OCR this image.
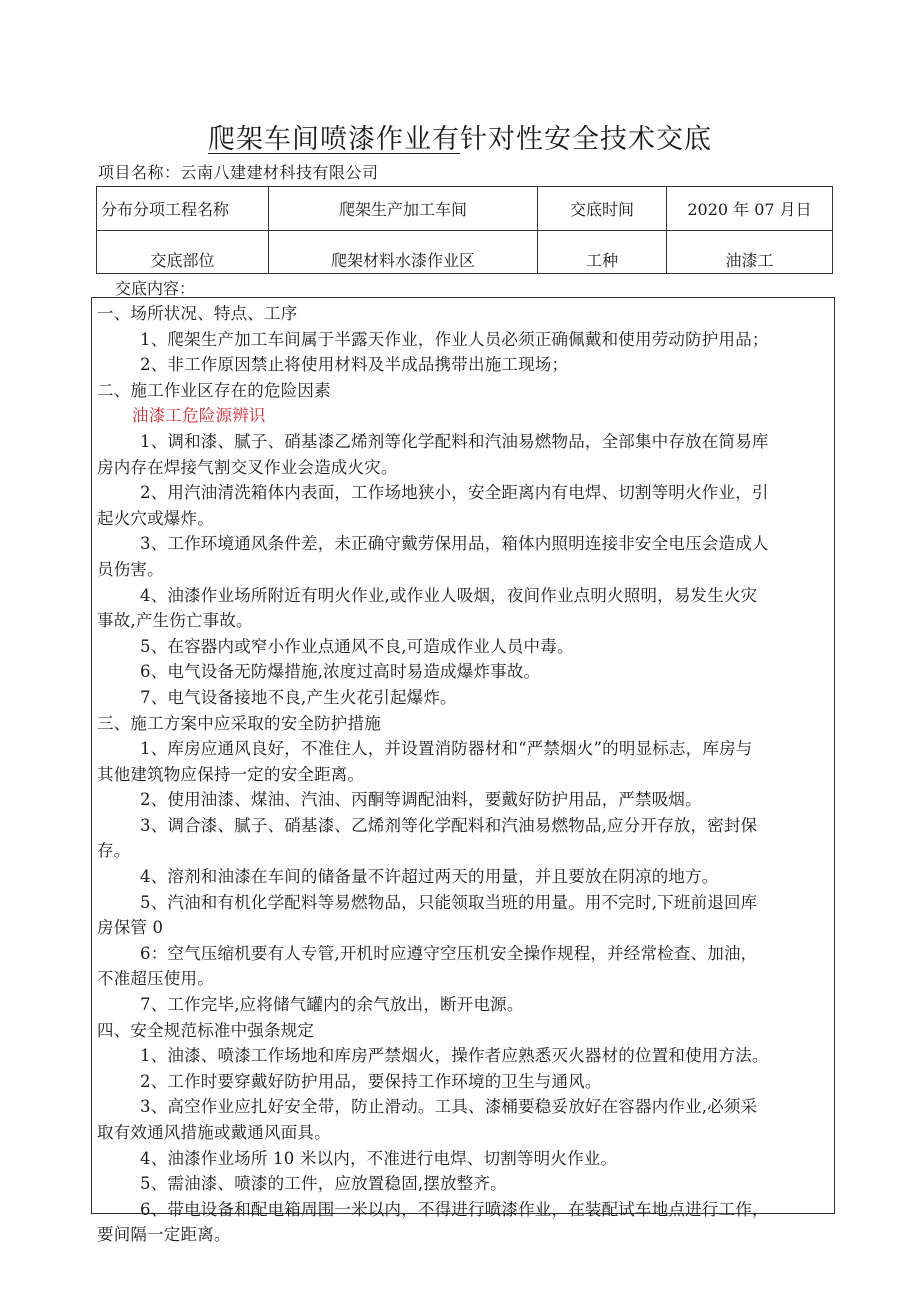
爬架车间喷漆作业有针对性安全技术交底
项目名称：云南八建建材科技有限公司
分布分项工程名称	爬架生产加工车间	交底时间	2020 年 07 月日
交底部位	爬架材料水漆作业区	工种	油漆工
交底内容：
一、场所状况、特点、工序
1、爬架生产加工车间属于半露天作业，作业人员必须正确佩戴和使用劳动防护用品；
2、非工作原因禁止将使用材料及半成品携带出施工现场；
二、施工作业区存在的危险因素
油漆工危险源辨识
1、调和漆、腻子、硝基漆乙烯剂等化学配料和汽油易燃物品，全部集中存放在简易库
房内存在焊接气割交叉作业会造成火灾。
2、用汽油清洗箱体内表面，工作场地狭小，安全距离内有电焊、切割等明火作业，引
起火穴或爆炸。
3、工作环境通风条件差，未正确守戴劳保用品，箱体内照明连接非安全电压会造成人
员伤害。
4、油漆作业场所附近有明火作业,或作业人吸烟，夜间作业点明火照明，易发生火灾
事故,产生伤亡事故。
5、在容器内或窄小作业点通风不良,可造成作业人员中毒。
6、电气设备无防爆措施,浓度过高时易造成爆炸事故。
7、电气设备接地不良,产生火花引起爆炸。
三、施工方案中应采取的安全防护措施
1、库房应通风良好，不准住人，并设置消防器材和“严禁烟火”的明显标志，库房与
其他建筑物应保持一定的安全距离。
2、使用油漆、煤油、汽油、丙酮等调配油料，要戴好防护用品，严禁吸烟。
3、调合漆、腻子、硝基漆、乙烯剂等化学配料和汽油易燃物品,应分开存放，密封保
存。
4、溶剂和油漆在车间的储备量不许超过两天的用量，并且要放在阴凉的地方。
5、汽油和有机化学配料等易燃物品，只能领取当班的用量。用不完时,下班前退回库
房保管 0
6：空气压缩机要有人专管,开机时应遵守空压机安全操作规程，并经常检查、加油，
不准超压使用。
7、工作完毕,应将储气罐内的余气放出，断开电源。
四、安全规范标准中强条规定
1、油漆、喷漆工作场地和库房严禁烟火，操作者应熟悉灭火器材的位置和使用方法。
2、工作时要穿戴好防护用品，要保持工作环境的卫生与通风。
3、高空作业应扎好安全带，防止滑动。工具、漆桶要稳妥放好在容器内作业,必须采
取有效通风措施或戴通风面具。
4、油漆作业场所 10 米以内，不准进行电焊、切割等明火作业。
5、需油漆、喷漆的工件，应放置稳固,摆放整齐。
6、带电设备和配电箱周围一米以内，不得进行喷漆作业，在装配试车地点进行工作，
要间隔一定距离。
